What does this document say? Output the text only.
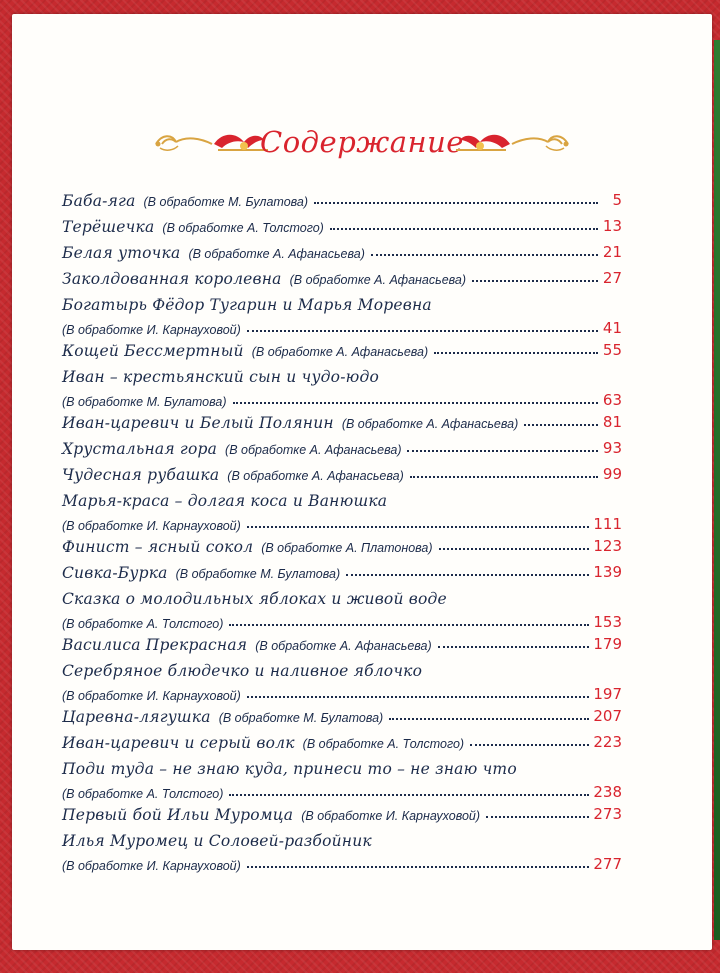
Содержание
Баба-яга (В обработке М. Булатова)	5
Терёшечка (В обработке А. Толстого)	13
Белая уточка (В обработке А. Афанасьева)	21
Заколдованная королевна (В обработке А. Афанасьева)	27
Богатырь Фёдор Тугарин и Марья Моревна
(В обработке И. Карнауховой)	41
Кощей Бессмертный (В обработке А. Афанасьева)	55
Иван – крестьянский сын и чудо-юдо
(В обработке М. Булатова)	63
Иван-царевич и Белый Полянин (В обработке А. Афанасьева)	81
Хрустальная гора (В обработке А. Афанасьева)	93
Чудесная рубашка (В обработке А. Афанасьева)	99
Марья-краса – долгая коса и Ванюшка
(В обработке И. Карнауховой)	111
Финист – ясный сокол (В обработке А. Платонова)	123
Сивка-Бурка (В обработке М. Булатова)	139
Сказка о молодильных яблоках и живой воде
(В обработке А. Толстого)	153
Василиса Прекрасная (В обработке А. Афанасьева)	179
Серебряное блюдечко и наливное яблочко
(В обработке И. Карнауховой)	197
Царевна-лягушка (В обработке М. Булатова)	207
Иван-царевич и серый волк (В обработке А. Толстого)	223
Поди туда – не знаю куда, принеси то – не знаю что
(В обработке А. Толстого)	238
Первый бой Ильи Муромца (В обработке И. Карнауховой)	273
Илья Муромец и Соловей-разбойник
(В обработке И. Карнауховой)	277
